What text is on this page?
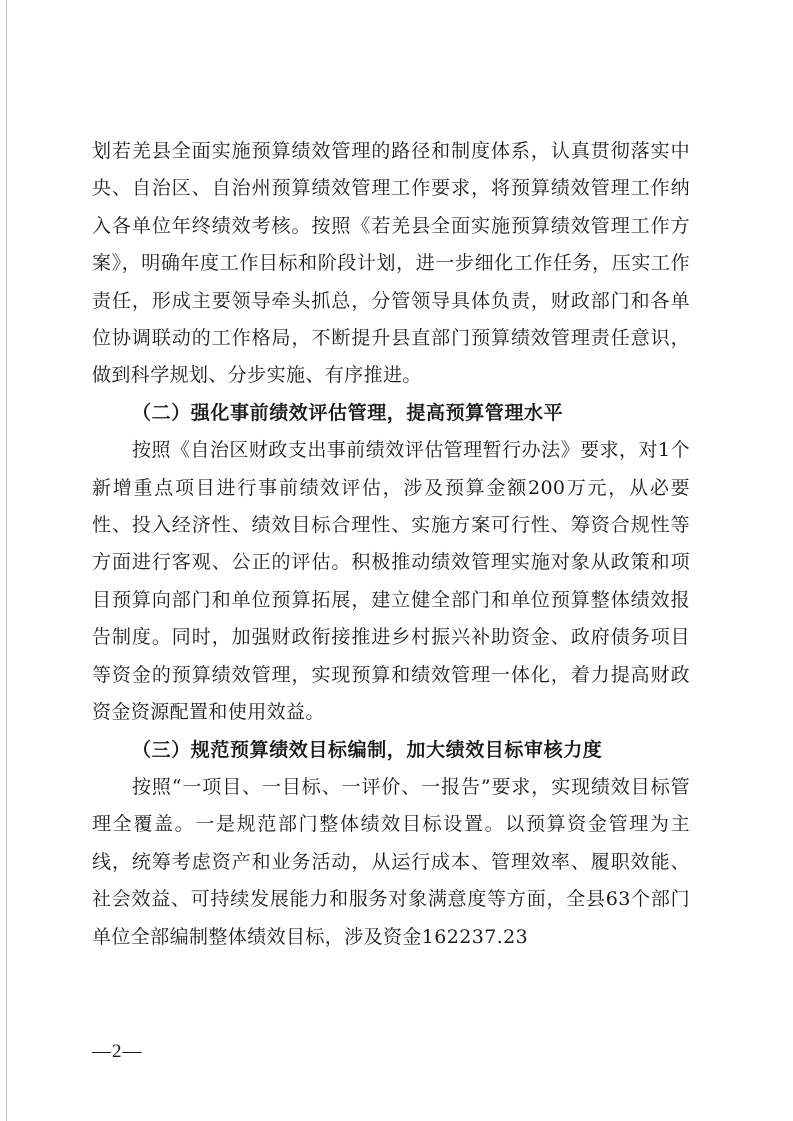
划若羌县全面实施预算绩效管理的路径和制度体系，认真贯彻落实中央、自治区、自治州预算绩效管理工作要求，将预算绩效管理工作纳入各单位年终绩效考核。按照《若羌县全面实施预算绩效管理工作方案》，明确年度工作目标和阶段计划，进一步细化工作任务，压实工作责任，形成主要领导牵头抓总，分管领导具体负责，财政部门和各单位协调联动的工作格局，不断提升县直部门预算绩效管理责任意识，做到科学规划、分步实施、有序推进。

（二）强化事前绩效评估管理，提高预算管理水平

按照《自治区财政支出事前绩效评估管理暂行办法》要求，对1个新增重点项目进行事前绩效评估，涉及预算金额200万元，从必要性、投入经济性、绩效目标合理性、实施方案可行性、筹资合规性等方面进行客观、公正的评估。积极推动绩效管理实施对象从政策和项目预算向部门和单位预算拓展，建立健全部门和单位预算整体绩效报告制度。同时，加强财政衔接推进乡村振兴补助资金、政府债务项目等资金的预算绩效管理，实现预算和绩效管理一体化，着力提高财政资金资源配置和使用效益。

（三）规范预算绩效目标编制，加大绩效目标审核力度

按照“一项目、一目标、一评价、一报告”要求，实现绩效目标管理全覆盖。一是规范部门整体绩效目标设置。以预算资金管理为主线，统筹考虑资产和业务活动，从运行成本、管理效率、履职效能、社会效益、可持续发展能力和服务对象满意度等方面，全县63个部门单位全部编制整体绩效目标，涉及资金162237.23

—2—
